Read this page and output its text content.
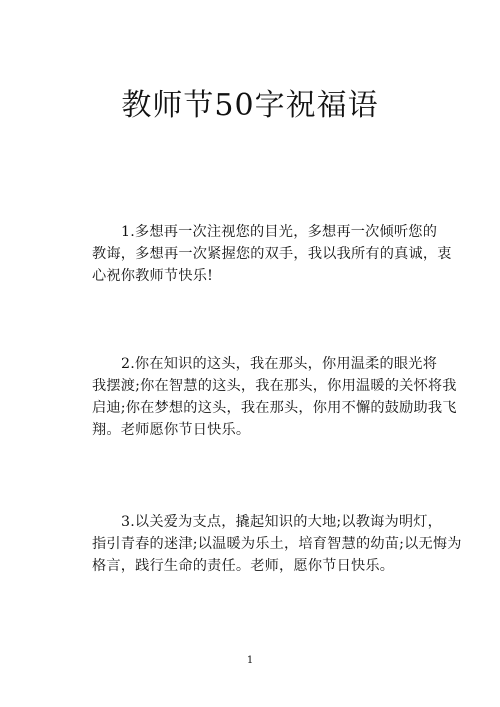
教师节50字祝福语
1.多想再一次注视您的目光，多想再一次倾听您的
教诲，多想再一次紧握您的双手，我以我所有的真诚，衷
心祝你教师节快乐!
2.你在知识的这头，我在那头，你用温柔的眼光将
我摆渡;你在智慧的这头，我在那头，你用温暖的关怀将我
启迪;你在梦想的这头，我在那头，你用不懈的鼓励助我飞
翔。老师愿你节日快乐。
3.以关爱为支点，撬起知识的大地;以教诲为明灯，
指引青春的迷津;以温暖为乐土，培育智慧的幼苗;以无悔为
格言，践行生命的责任。老师，愿你节日快乐。
1
